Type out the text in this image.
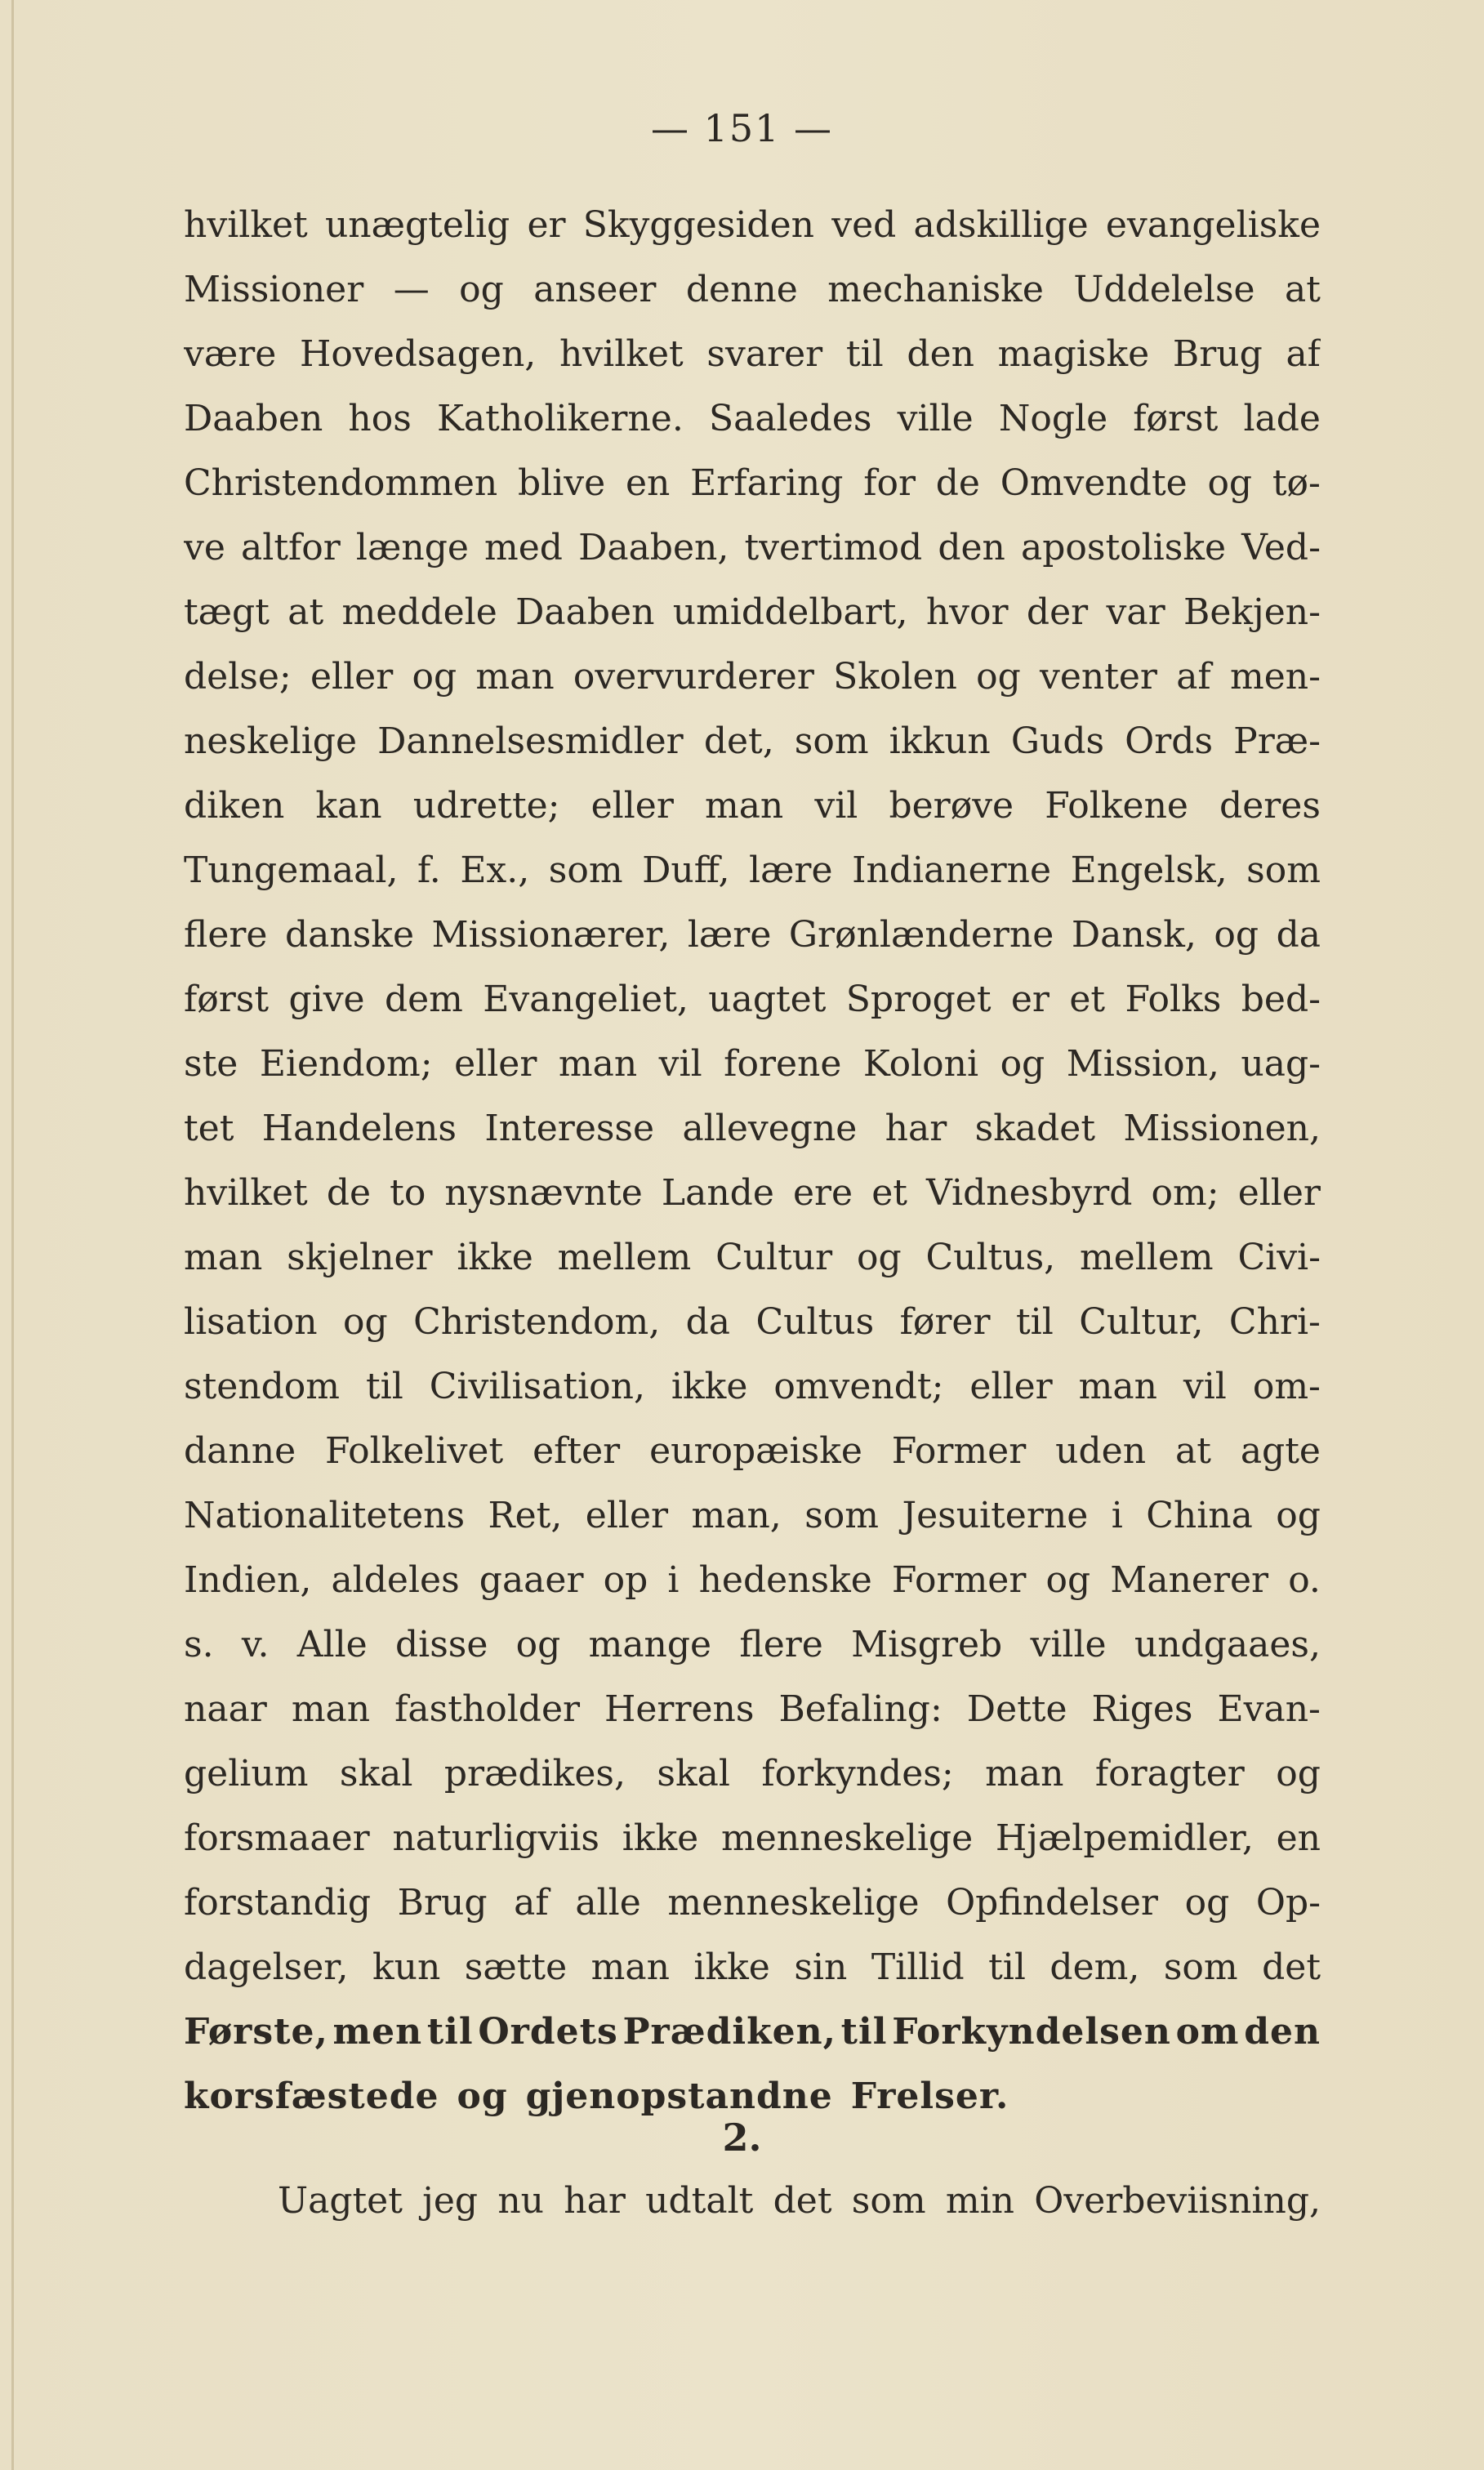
— 151 —
hvilket unægtelig er Skyggesiden ved adskillige evangeliske
Missioner — og anseer denne mechaniske Uddelelse at
være Hovedsagen, hvilket svarer til den magiske Brug af
Daaben hos Katholikerne. Saaledes ville Nogle først lade
Christendommen blive en Erfaring for de Omvendte og tø-
ve altfor længe med Daaben, tvertimod den apostoliske Ved-
tægt at meddele Daaben umiddelbart, hvor der var Bekjen-
delse; eller og man overvurderer Skolen og venter af men-
neskelige Dannelsesmidler det, som ikkun Guds Ords Præ-
diken kan udrette; eller man vil berøve Folkene deres
Tungemaal, f. Ex., som Duff, lære Indianerne Engelsk, som
flere danske Missionærer, lære Grønlænderne Dansk, og da
først give dem Evangeliet, uagtet Sproget er et Folks bed-
ste Eiendom; eller man vil forene Koloni og Mission, uag-
tet Handelens Interesse allevegne har skadet Missionen,
hvilket de to nysnævnte Lande ere et Vidnesbyrd om; eller
man skjelner ikke mellem Cultur og Cultus, mellem Civi-
lisation og Christendom, da Cultus fører til Cultur, Chri-
stendom til Civilisation, ikke omvendt; eller man vil om-
danne Folkelivet efter europæiske Former uden at agte
Nationalitetens Ret, eller man, som Jesuiterne i China og
Indien, aldeles gaaer op i hedenske Former og Manerer o.
s. v. Alle disse og mange flere Misgreb ville undgaaes,
naar man fastholder Herrens Befaling: Dette Riges Evan-
gelium skal prædikes, skal forkyndes; man foragter og
forsmaaer naturligviis ikke menneskelige Hjælpemidler, en
forstandig Brug af alle menneskelige Opfindelser og Op-
dagelser, kun sætte man ikke sin Tillid til dem, som det
Første, men til Ordets Prædiken, til Forkyndelsen om den
korsfæstede og gjenopstandne Frelser.
2.
Uagtet jeg nu har udtalt det som min Overbeviisning,
